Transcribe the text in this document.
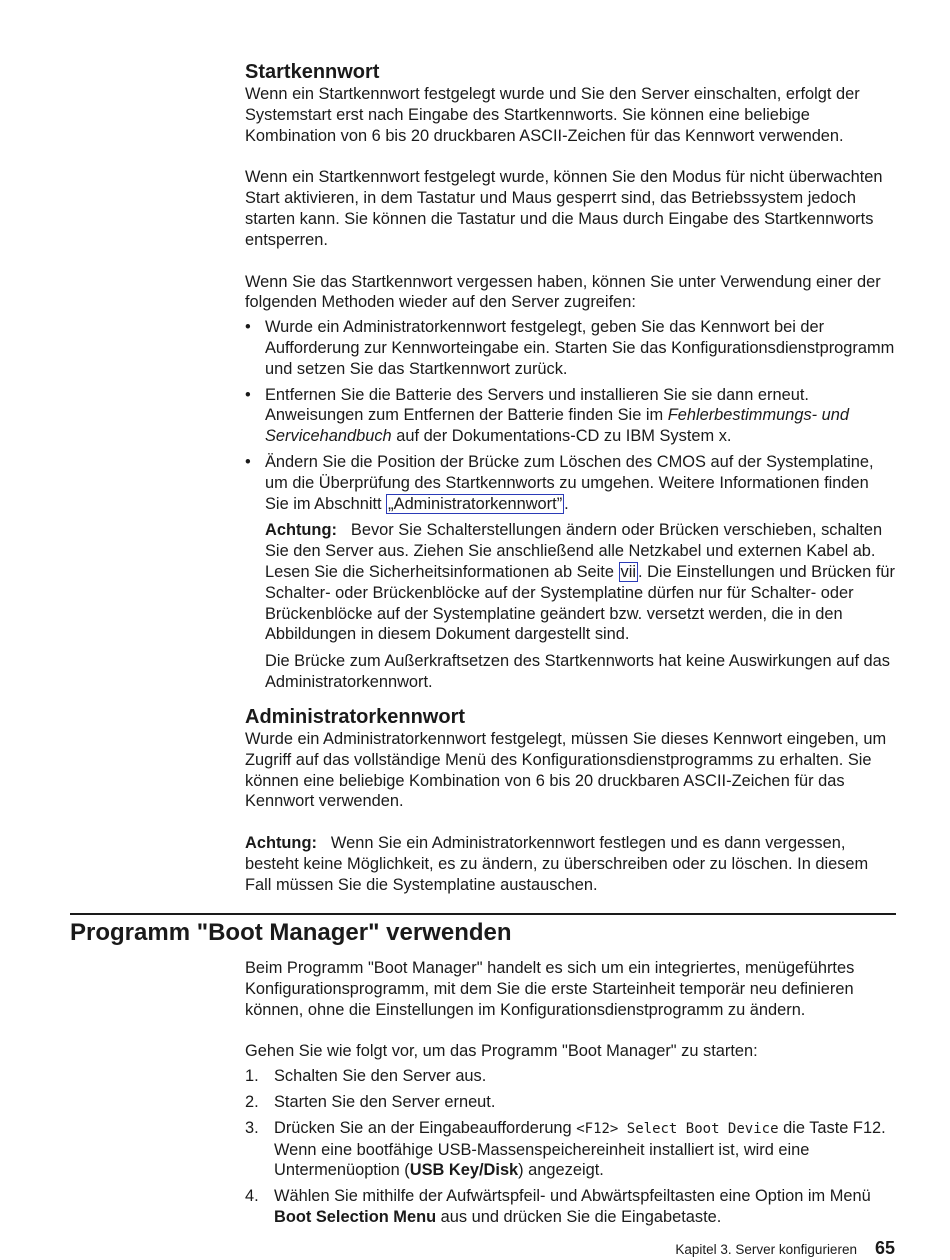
Startkennwort

Wenn ein Startkennwort festgelegt wurde und Sie den Server einschalten, erfolgt der Systemstart erst nach Eingabe des Startkennworts. Sie können eine beliebige Kombination von 6 bis 20 druckbaren ASCII-Zeichen für das Kennwort verwenden.

Wenn ein Startkennwort festgelegt wurde, können Sie den Modus für nicht überwachten Start aktivieren, in dem Tastatur und Maus gesperrt sind, das Betriebssystem jedoch starten kann. Sie können die Tastatur und die Maus durch Eingabe des Startkennworts entsperren.

Wenn Sie das Startkennwort vergessen haben, können Sie unter Verwendung einer der folgenden Methoden wieder auf den Server zugreifen:

• Wurde ein Administratorkennwort festgelegt, geben Sie das Kennwort bei der Aufforderung zur Kennworteingabe ein. Starten Sie das Konfigurationsdienstprogramm und setzen Sie das Startkennwort zurück.
• Entfernen Sie die Batterie des Servers und installieren Sie sie dann erneut. Anweisungen zum Entfernen der Batterie finden Sie im Fehlerbestimmungs- und Servicehandbuch auf der Dokumentations-CD zu IBM System x.
• Ändern Sie die Position der Brücke zum Löschen des CMOS auf der Systemplatine, um die Überprüfung des Startkennworts zu umgehen. Weitere Informationen finden Sie im Abschnitt „Administratorkennwort” .

Achtung: Bevor Sie Schalterstellungen ändern oder Brücken verschieben, schalten Sie den Server aus. Ziehen Sie anschließend alle Netzkabel und externen Kabel ab. Lesen Sie die Sicherheitsinformationen ab Seite vii . Die Einstellungen und Brücken für Schalter- oder Brückenblöcke auf der Systemplatine dürfen nur für Schalter- oder Brückenblöcke auf der Systemplatine geändert bzw. versetzt werden, die in den Abbildungen in diesem Dokument dargestellt sind.

Die Brücke zum Außerkraftsetzen des Startkennworts hat keine Auswirkungen auf das Administratorkennwort.

Administratorkennwort

Wurde ein Administratorkennwort festgelegt, müssen Sie dieses Kennwort eingeben, um Zugriff auf das vollständige Menü des Konfigurationsdienstprogramms zu erhalten. Sie können eine beliebige Kombination von 6 bis 20 druckbaren ASCII-Zeichen für das Kennwort verwenden.

Achtung: Wenn Sie ein Administratorkennwort festlegen und es dann vergessen, besteht keine Möglichkeit, es zu ändern, zu überschreiben oder zu löschen. In diesem Fall müssen Sie die Systemplatine austauschen.

Programm "Boot Manager" verwenden

Beim Programm "Boot Manager" handelt es sich um ein integriertes, menügeführtes Konfigurationsprogramm, mit dem Sie die erste Starteinheit temporär neu definieren können, ohne die Einstellungen im Konfigurationsdienstprogramm zu ändern.

Gehen Sie wie folgt vor, um das Programm "Boot Manager" zu starten:

1. Schalten Sie den Server aus.
2. Starten Sie den Server erneut.
3. Drücken Sie an der Eingabeaufforderung <F12> Select Boot Device die Taste F12. Wenn eine bootfähige USB-Massenspeichereinheit installiert ist, wird eine Untermenüoption (USB Key/Disk) angezeigt.
4. Wählen Sie mithilfe der Aufwärtspfeil- und Abwärtspfeiltasten eine Option im Menü Boot Selection Menu aus und drücken Sie die Eingabetaste.
Kapitel 3. Server konfigurieren 65
